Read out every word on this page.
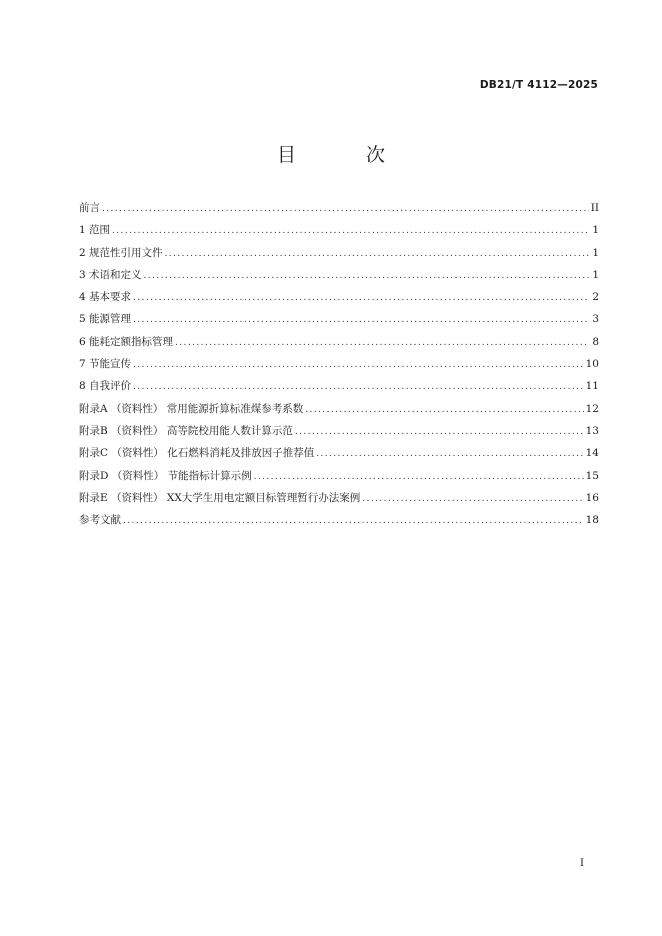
DB21/T 4112—2025
目 次
前言 .....	II
1 范围 .....	1
2 规范性引用文件 .....	1
3 术语和定义 .....	1
4 基本要求 .....	2
5 能源管理 .....	3
6 能耗定额指标管理 .....	8
7 节能宣传 .....	10
8 自我评价 .....	11
附录A （资料性） 常用能源折算标准煤参考系数 .....	12
附录B （资料性） 高等院校用能人数计算示范 .....	13
附录C （资料性） 化石燃料消耗及排放因子推荐值 .....	14
附录D （资料性） 节能指标计算示例 .....	15
附录E （资料性） XX大学生用电定额目标管理暂行办法案例 .....	16
参考文献 .....	18
I
